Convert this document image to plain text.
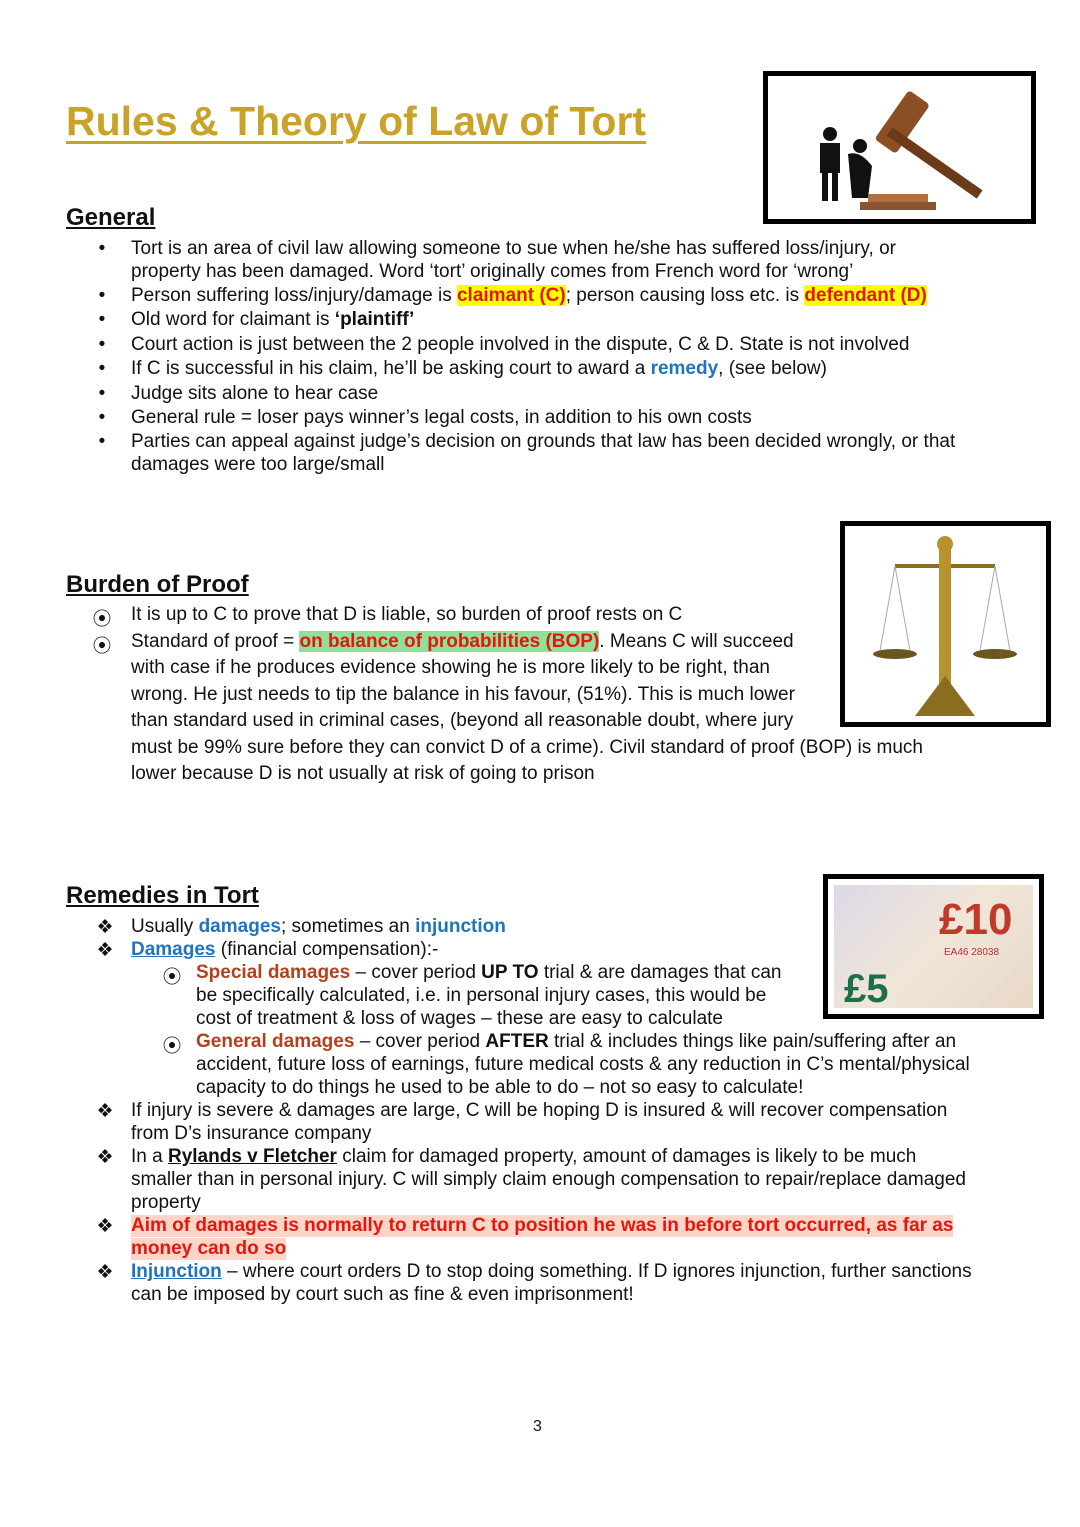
Rules & Theory of Law of Tort
£10
EA46 28038
£5
General
•	Tort is an area of civil law allowing someone to sue when he/she has suffered loss/injury, or
property has been damaged. Word ‘tort’ originally comes from French word for ‘wrong’
•	Person suffering loss/injury/damage is claimant (C); person causing loss etc. is defendant (D)
•	Old word for claimant is ‘plaintiff’
•	Court action is just between the 2 people involved in the dispute, C & D. State is not involved
•	If C is successful in his claim, he’ll be asking court to award a remedy, (see below)
•	Judge sits alone to hear case
•	General rule = loser pays winner’s legal costs, in addition to his own costs
•	Parties can appeal against judge’s decision on grounds that law has been decided wrongly, or that
damages were too large/small
Burden of Proof
⦿ It is up to C to prove that D is liable, so burden of proof rests on C
⦿ Standard of proof = on balance of probabilities (BOP). Means C will succeed
with case if he produces evidence showing he is more likely to be right, than
wrong. He just needs to tip the balance in his favour, (51%). This is much lower
than standard used in criminal cases, (beyond all reasonable doubt, where jury
must be 99% sure before they can convict D of a crime). Civil standard of proof (BOP) is much
lower because D is not usually at risk of going to prison
Remedies in Tort
❖ Usually damages; sometimes an injunction
❖ Damages (financial compensation):-
⦿ Special damages – cover period UP TO trial & are damages that can
be specifically calculated, i.e. in personal injury cases, this would be
cost of treatment & loss of wages – these are easy to calculate
⦿ General damages – cover period AFTER trial & includes things like pain/suffering after an
accident, future loss of earnings, future medical costs & any reduction in C’s mental/physical
capacity to do things he used to be able to do – not so easy to calculate!
❖ If injury is severe & damages are large, C will be hoping D is insured & will recover compensation
from D’s insurance company
❖ In a Rylands v Fletcher claim for damaged property, amount of damages is likely to be much
smaller than in personal injury. C will simply claim enough compensation to repair/replace damaged
property
❖ Aim of damages is normally to return C to position he was in before tort occurred, as far as
money can do so
❖ Injunction – where court orders D to stop doing something. If D ignores injunction, further sanctions
can be imposed by court such as fine & even imprisonment!
3
